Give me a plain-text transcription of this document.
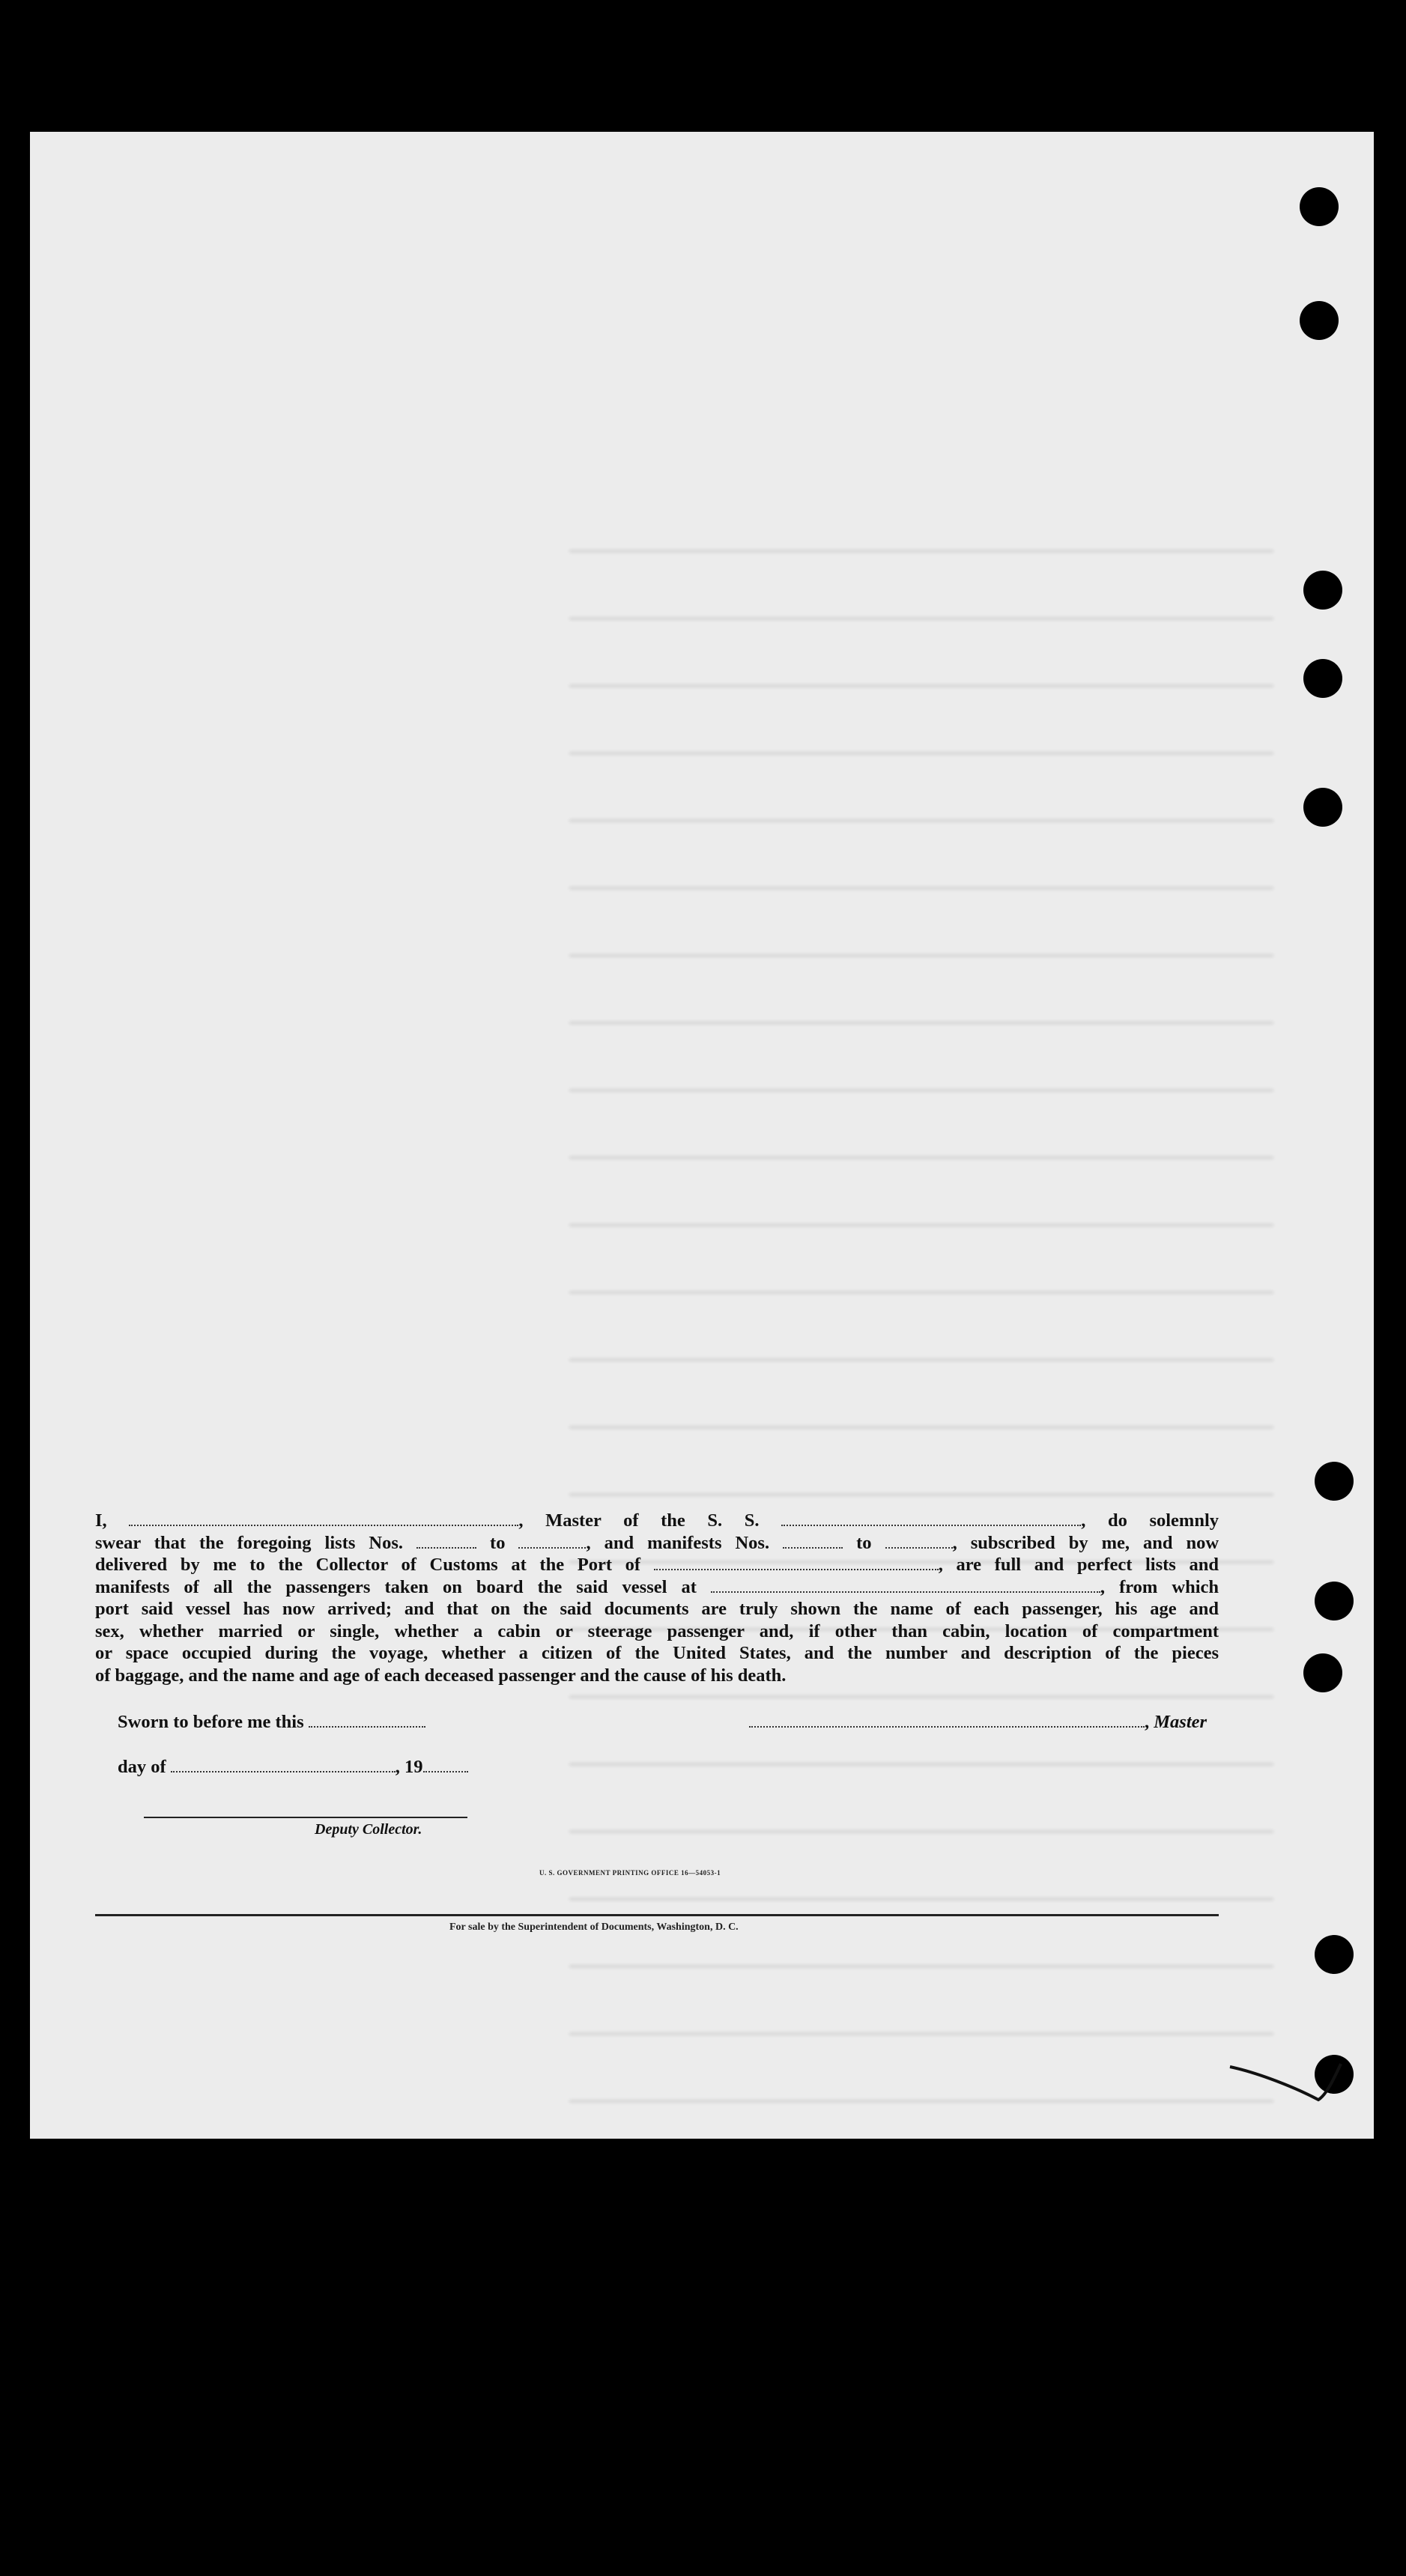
I,	, Master of the S. S.	, do solemnly
swear that the foregoing lists Nos.	to	, and manifests Nos.	to	, subscribed by me, and now
delivered by me to the Collector of Customs at the Port of	, are full and perfect lists and
manifests of all the passengers taken on board the said vessel at	, from which
port said vessel has now arrived; and that on the said documents are truly shown the name of each passenger, his age and
sex, whether married or single, whether a cabin or steerage passenger and, if other than cabin, location of compartment
or space occupied during the voyage, whether a citizen of the United States, and the number and description of the pieces
of baggage, and the name and age of each deceased passenger and the cause of his death.
Sworn to before me this	, Master
day of	, 19
Deputy Collector.
U. S. GOVERNMENT PRINTING OFFICE 16—54053-1
For sale by the Superintendent of Documents, Washington, D. C.
